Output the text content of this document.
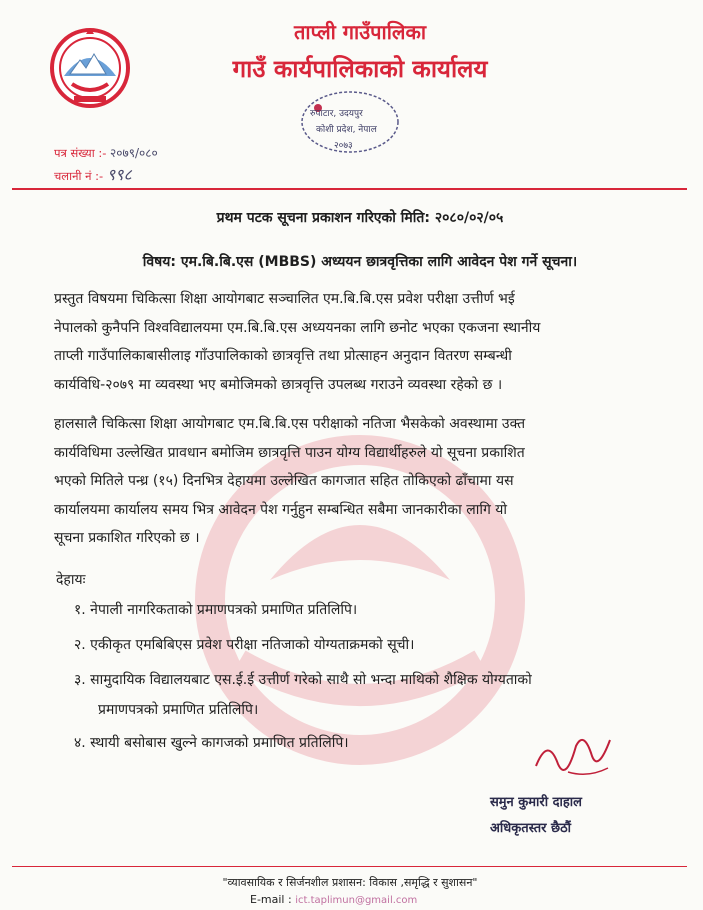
ताप्ली गाउँपालिका
गाउँ कार्यपालिकाको कार्यालय
रुपाटार, उदयपुर
कोशी प्रदेश, नेपाल
२०७३
पत्र संख्या :- २०७९/०८०
चलानी नं :- ९९८
प्रथम पटक सूचना प्रकाशन गरिएको मिति: २०८०/०२/०५
विषय: एम.बि.बि.एस (MBBS) अध्ययन छात्रवृत्तिका लागि आवेदन पेश गर्ने सूचना।
प्रस्तुत विषयमा चिकित्सा शिक्षा आयोगबाट सञ्चालित एम.बि.बि.एस प्रवेश परीक्षा उत्तीर्ण भई
नेपालको कुनैपनि विश्वविद्यालयमा एम.बि.बि.एस अध्ययनका लागि छनोट भएका एकजना स्थानीय
ताप्ली गाउँपालिकाबासीलाइ गाँउपालिकाको छात्रवृत्ति तथा प्रोत्साहन अनुदान वितरण सम्बन्धी
कार्यविधि-२०७९ मा व्यवस्था भए बमोजिमको छात्रवृत्ति उपलब्ध गराउने व्यवस्था रहेको छ ।
हालसालै चिकित्सा शिक्षा आयोगबाट एम.बि.बि.एस परीक्षाको नतिजा भैसकेको अवस्थामा उक्त
कार्यविधिमा उल्लेखित प्रावधान बमोजिम छात्रवृत्ति पाउन योग्य विद्यार्थीहरुले यो सूचना प्रकाशित
भएको मितिले पन्ध्र (१५) दिनभित्र देहायमा उल्लेखित कागजात सहित तोकिएको ढाँचामा यस
कार्यालयमा कार्यालय समय भित्र आवेदन पेश गर्नुहुन सम्बन्धित सबैमा जानकारीका लागि यो
सूचना प्रकाशित गरिएको छ ।
देहायः
१. नेपाली नागरिकताको प्रमाणपत्रको प्रमाणित प्रतिलिपि।
२. एकीकृत एमबिबिएस प्रवेश परीक्षा नतिजाको योग्यताक्रमको सूची।
३. सामुदायिक विद्यालयबाट एस.ई.ई उत्तीर्ण गरेको साथै सो भन्दा माथिको शैक्षिक योग्यताको
प्रमाणपत्रको प्रमाणित प्रतिलिपि।
४. स्थायी बसोबास खुल्ने कागजको प्रमाणित प्रतिलिपि।
समुन कुमारी दाहाल
अधिकृतस्तर छैठौं
"व्यावसायिक र सिर्जनशील प्रशासन: विकास ,समृद्धि र सुशासन"
E-mail : ict.taplimun@gmail.com
